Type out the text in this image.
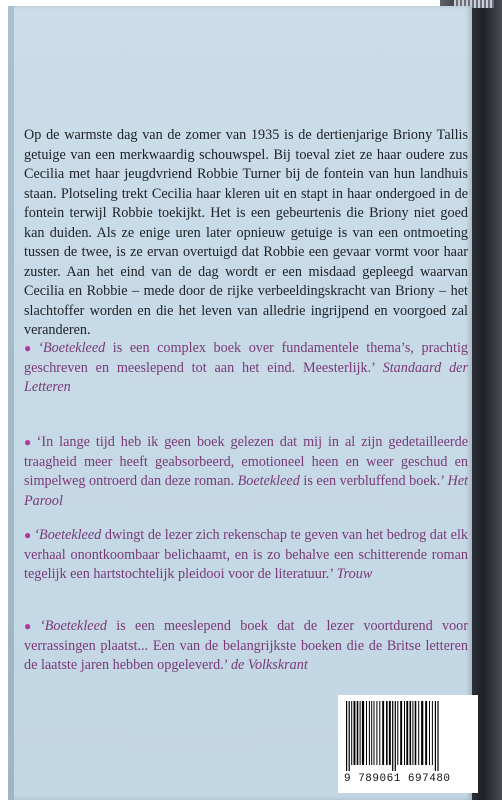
Op de warmste dag van de zomer van 1935 is de dertienjarige Briony Tallis getuige van een merkwaardig schouwspel. Bij toeval ziet ze haar oudere zus Cecilia met haar jeugdvriend Robbie Turner bij de fontein van hun landhuis staan. Plotseling trekt Cecilia haar kleren uit en stapt in haar ondergoed in de fontein terwijl Robbie toekijkt. Het is een gebeurtenis die Briony niet goed kan duiden. Als ze enige uren later opnieuw getuige is van een ontmoeting tussen de twee, is ze ervan overtuigd dat Robbie een gevaar vormt voor haar zuster. Aan het eind van de dag wordt er een misdaad gepleegd waarvan Cecilia en Robbie – mede door de rijke verbeeldingskracht van Briony – het slachtoffer worden en die het leven van alledrie ingrijpend en voorgoed zal veranderen.

● ‘Boetekleed is een complex boek over fundamentele thema’s, prachtig geschreven en meeslepend tot aan het eind. Meesterlijk.’ Standaard der Letteren

● ‘In lange tijd heb ik geen boek gelezen dat mij in al zijn gedetailleerde traagheid meer heeft geabsorbeerd, emotioneel heen en weer geschud en simpelweg ontroerd dan deze roman. Boetekleed is een verbluffend boek.’ Het Parool

● ‘Boetekleed dwingt de lezer zich rekenschap te geven van het bedrog dat elk verhaal onontkoombaar belichaamt, en is zo behalve een schitterende roman tegelijk een hartstochtelijk pleidooi voor de literatuur.’ Trouw

● ‘Boetekleed is een meeslepend boek dat de lezer voortdurend voor verrassingen plaatst... Een van de belangrijkste boeken die de Britse letteren de laatste jaren hebben opgeleverd.’ de Volkskrant

9 789061 697480
